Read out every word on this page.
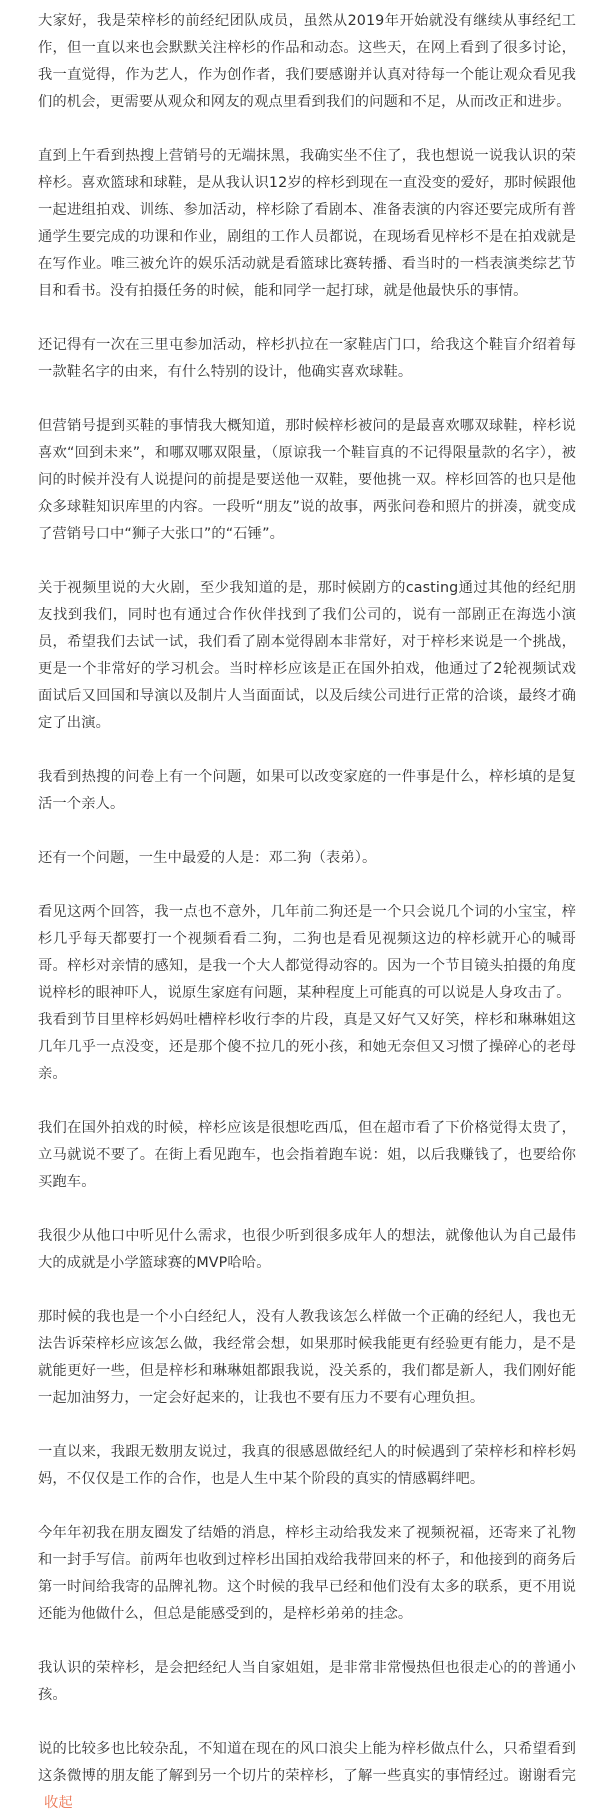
大家好，我是荣梓杉的前经纪团队成员，虽然从2019年开始就没有继续从事经纪工作，但一直以来也会默默关注梓杉的作品和动态。这些天，在网上看到了很多讨论，我一直觉得，作为艺人，作为创作者，我们要感谢并认真对待每一个能让观众看见我们的机会，更需要从观众和网友的观点里看到我们的问题和不足，从而改正和进步。

直到上午看到热搜上营销号的无端抹黑，我确实坐不住了，我也想说一说我认识的荣梓杉。喜欢篮球和球鞋，是从我认识12岁的梓杉到现在一直没变的爱好，那时候跟他一起进组拍戏、训练、参加活动，梓杉除了看剧本、准备表演的内容还要完成所有普通学生要完成的功课和作业，剧组的工作人员都说，在现场看见梓杉不是在拍戏就是在写作业。唯三被允许的娱乐活动就是看篮球比赛转播、看当时的一档表演类综艺节目和看书。没有拍摄任务的时候，能和同学一起打球，就是他最快乐的事情。

还记得有一次在三里屯参加活动，梓杉扒拉在一家鞋店门口，给我这个鞋盲介绍着每一款鞋名字的由来，有什么特别的设计，他确实喜欢球鞋。

但营销号提到买鞋的事情我大概知道，那时候梓杉被问的是最喜欢哪双球鞋，梓杉说喜欢“回到未来”，和哪双哪双限量，（原谅我一个鞋盲真的不记得限量款的名字），被问的时候并没有人说提问的前提是要送他一双鞋，要他挑一双。梓杉回答的也只是他众多球鞋知识库里的内容。一段听“朋友”说的故事，两张问卷和照片的拼凑，就变成了营销号口中“狮子大张口”的“石锤”。

关于视频里说的大火剧，至少我知道的是，那时候剧方的casting通过其他的经纪朋友找到我们，同时也有通过合作伙伴找到了我们公司的，说有一部剧正在海选小演员，希望我们去试一试，我们看了剧本觉得剧本非常好，对于梓杉来说是一个挑战，更是一个非常好的学习机会。当时梓杉应该是正在国外拍戏，他通过了2轮视频试戏面试后又回国和导演以及制片人当面面试，以及后续公司进行正常的洽谈，最终才确定了出演。

我看到热搜的问卷上有一个问题，如果可以改变家庭的一件事是什么，梓杉填的是复活一个亲人。

还有一个问题，一生中最爱的人是：邓二狗（表弟）。

看见这两个回答，我一点也不意外，几年前二狗还是一个只会说几个词的小宝宝，梓杉几乎每天都要打一个视频看看二狗，二狗也是看见视频这边的梓杉就开心的喊哥哥。梓杉对亲情的感知，是我一个大人都觉得动容的。因为一个节目镜头拍摄的角度说梓杉的眼神吓人，说原生家庭有问题，某种程度上可能真的可以说是人身攻击了。

我看到节目里梓杉妈妈吐槽梓杉收行李的片段，真是又好气又好笑，梓杉和琳琳姐这几年几乎一点没变，还是那个傻不拉几的死小孩，和她无奈但又习惯了操碎心的老母亲。

我们在国外拍戏的时候，梓杉应该是很想吃西瓜，但在超市看了下价格觉得太贵了，立马就说不要了。在街上看见跑车，也会指着跑车说：姐，以后我赚钱了，也要给你买跑车。

我很少从他口中听见什么需求，也很少听到很多成年人的想法，就像他认为自己最伟大的成就是小学篮球赛的MVP哈哈。

那时候的我也是一个小白经纪人，没有人教我该怎么样做一个正确的经纪人，我也无法告诉荣梓杉应该怎么做，我经常会想，如果那时候我能更有经验更有能力，是不是就能更好一些，但是梓杉和琳琳姐都跟我说，没关系的，我们都是新人，我们刚好能一起加油努力，一定会好起来的，让我也不要有压力不要有心理负担。

一直以来，我跟无数朋友说过，我真的很感恩做经纪人的时候遇到了荣梓杉和梓杉妈妈，不仅仅是工作的合作，也是人生中某个阶段的真实的情感羁绊吧。

今年年初我在朋友圈发了结婚的消息，梓杉主动给我发来了视频祝福，还寄来了礼物和一封手写信。前两年也收到过梓杉出国拍戏给我带回来的杯子，和他接到的商务后第一时间给我寄的品牌礼物。这个时候的我早已经和他们没有太多的联系，更不用说还能为他做什么，但总是能感受到的，是梓杉弟弟的挂念。

我认识的荣梓杉，是会把经纪人当自家姐姐，是非常非常慢热但也很走心的的普通小孩。

说的比较多也比较杂乱，不知道在现在的风口浪尖上能为梓杉做点什么，只希望看到这条微博的朋友能了解到另一个切片的荣梓杉，了解一些真实的事情经过。谢谢看完收起
